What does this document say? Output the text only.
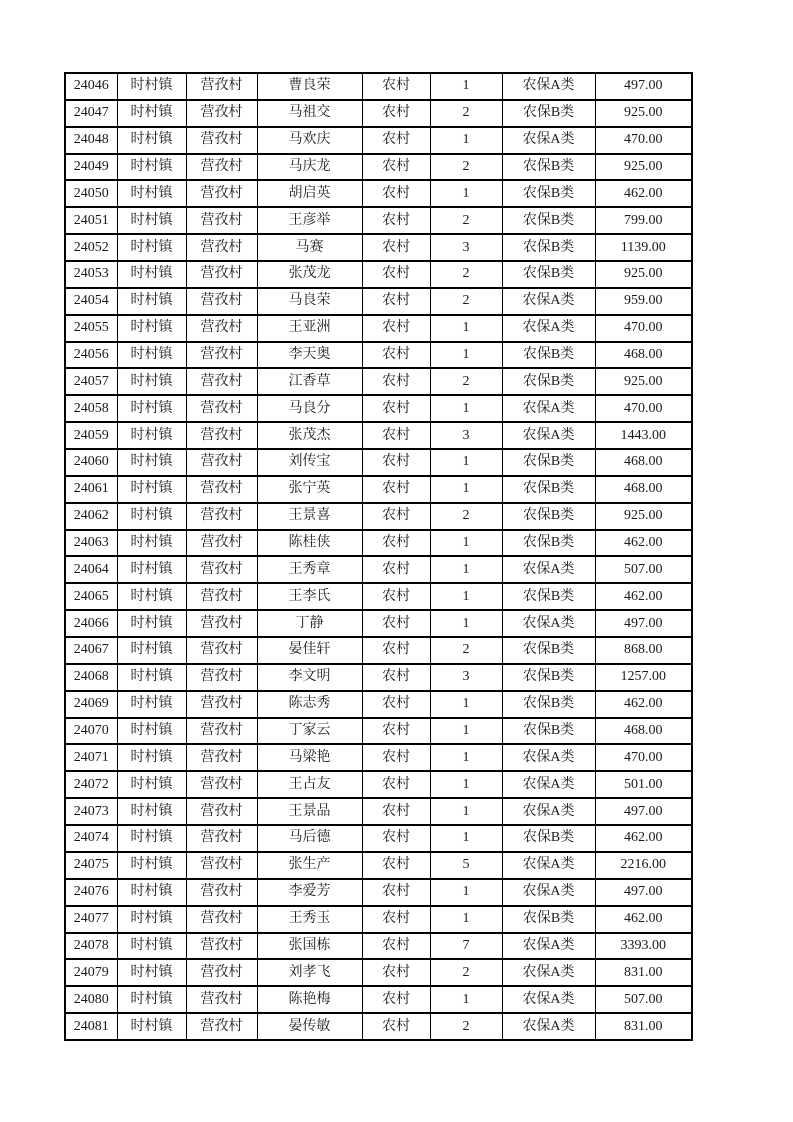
24046	时村镇	营孜村	曹良荣	农村	1	农保A类	497.00
24047	时村镇	营孜村	马祖交	农村	2	农保B类	925.00
24048	时村镇	营孜村	马欢庆	农村	1	农保A类	470.00
24049	时村镇	营孜村	马庆龙	农村	2	农保B类	925.00
24050	时村镇	营孜村	胡启英	农村	1	农保B类	462.00
24051	时村镇	营孜村	王彦举	农村	2	农保B类	799.00
24052	时村镇	营孜村	马赛	农村	3	农保B类	1139.00
24053	时村镇	营孜村	张茂龙	农村	2	农保B类	925.00
24054	时村镇	营孜村	马良荣	农村	2	农保A类	959.00
24055	时村镇	营孜村	王亚洲	农村	1	农保A类	470.00
24056	时村镇	营孜村	李天奥	农村	1	农保B类	468.00
24057	时村镇	营孜村	江香草	农村	2	农保B类	925.00
24058	时村镇	营孜村	马良分	农村	1	农保A类	470.00
24059	时村镇	营孜村	张茂杰	农村	3	农保A类	1443.00
24060	时村镇	营孜村	刘传宝	农村	1	农保B类	468.00
24061	时村镇	营孜村	张宁英	农村	1	农保B类	468.00
24062	时村镇	营孜村	王景喜	农村	2	农保B类	925.00
24063	时村镇	营孜村	陈桂侠	农村	1	农保B类	462.00
24064	时村镇	营孜村	王秀章	农村	1	农保A类	507.00
24065	时村镇	营孜村	王李氏	农村	1	农保B类	462.00
24066	时村镇	营孜村	丁静	农村	1	农保A类	497.00
24067	时村镇	营孜村	晏佳轩	农村	2	农保B类	868.00
24068	时村镇	营孜村	李文明	农村	3	农保B类	1257.00
24069	时村镇	营孜村	陈志秀	农村	1	农保B类	462.00
24070	时村镇	营孜村	丁家云	农村	1	农保B类	468.00
24071	时村镇	营孜村	马梁艳	农村	1	农保A类	470.00
24072	时村镇	营孜村	王占友	农村	1	农保A类	501.00
24073	时村镇	营孜村	王景品	农村	1	农保A类	497.00
24074	时村镇	营孜村	马后德	农村	1	农保B类	462.00
24075	时村镇	营孜村	张生产	农村	5	农保A类	2216.00
24076	时村镇	营孜村	李爱芳	农村	1	农保A类	497.00
24077	时村镇	营孜村	王秀玉	农村	1	农保B类	462.00
24078	时村镇	营孜村	张国栋	农村	7	农保A类	3393.00
24079	时村镇	营孜村	刘孝飞	农村	2	农保A类	831.00
24080	时村镇	营孜村	陈艳梅	农村	1	农保A类	507.00
24081	时村镇	营孜村	晏传敏	农村	2	农保A类	831.00
